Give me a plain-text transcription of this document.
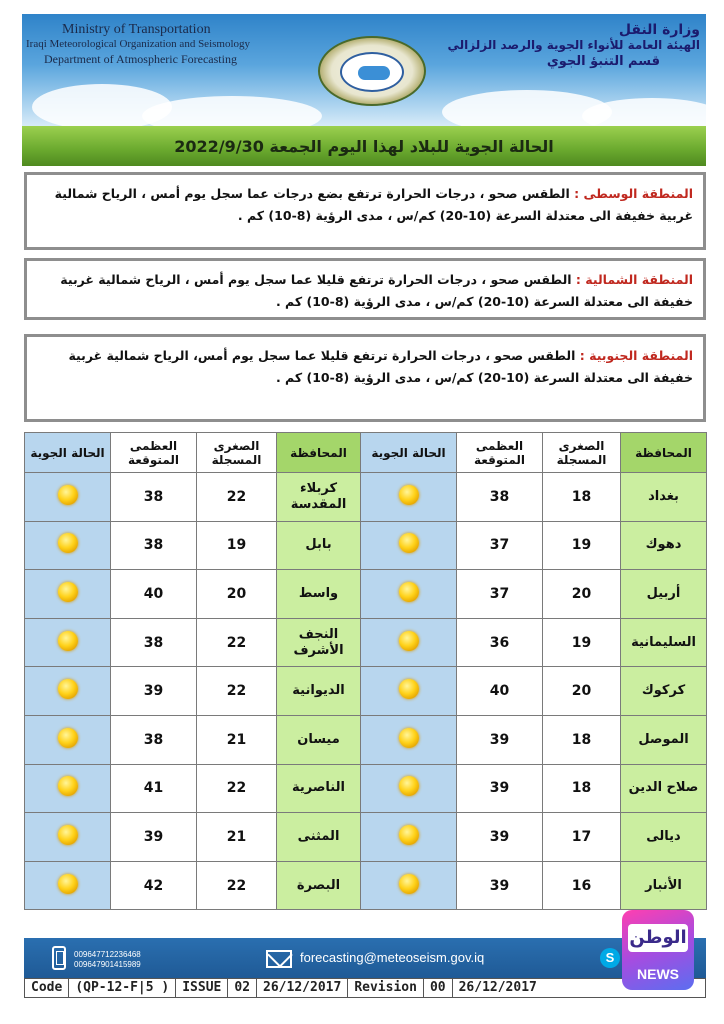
Ministry of Transportation
Iraqi Meteorological Organization and Seismology
Department of Atmospheric Forecasting
وزارة النقل
الهيئة العامة للأنواء الجوية والرصد الزلزالي
قسم التنبؤ الجوي
الحالة الجوية للبلاد لهذا اليوم الجمعة 2022/9/30
المنطقة الوسطى : الطقس صحو ، درجات الحرارة ترتفع بضع درجات عما سجل يوم أمس ، الرياح شمالية غربية خفيفة الى معتدلة السرعة (10-20) كم/س ، مدى الرؤية (8-10) كم .
المنطقة الشمالية : الطقس صحو ، درجات الحرارة ترتفع قليلا عما سجل يوم أمس ، الرياح شمالية غربية خفيفة الى معتدلة السرعة (10-20) كم/س ، مدى الرؤية (8-10) كم .
المنطقة الجنوبية : الطقس صحو ، درجات الحرارة ترتفع قليلا عما سجل يوم أمس، الرياح شمالية غربية خفيفة الى معتدلة السرعة (10-20) كم/س ، مدى الرؤية (8-10) كم .
المحافظة	الصغرى المسجلة	العظمى المتوقعة	الحالة الجوية	المحافظة	الصغرى المسجلة	العظمى المتوقعة	الحالة الجوية
بغداد	18	38		كربلاء المقدسة	22	38	
دهوك	19	37		بابل	19	38	
أربيل	20	37		واسط	20	40	
السليمانية	19	36		النجف الأشرف	22	38	
كركوك	20	40		الديوانية	22	39	
الموصل	18	39		ميسان	21	38	
صلاح الدين	18	39		الناصرية	22	41	
ديالى	17	39		المثنى	21	39	
الأنبار	16	39		البصرة	22	42	
009647712236468
009647901415989	forecasting@meteoseism.gov.iq	S
Code	(QP-12-F|5 )	ISSUE	02	26/12/2017	Revision	00	26/12/2017
الوطن
NEWS
